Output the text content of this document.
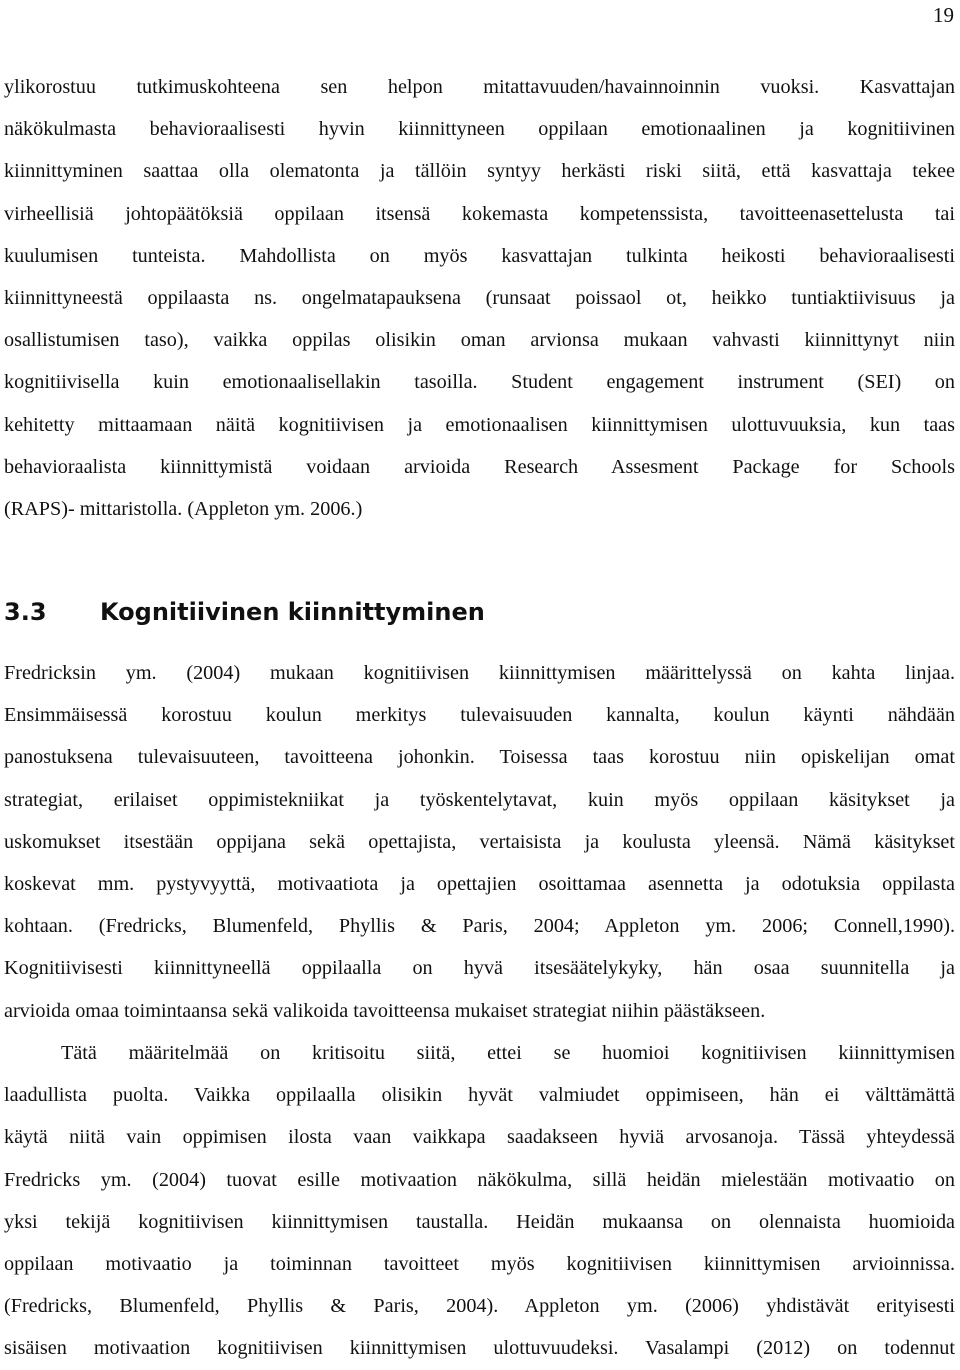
19
ylikorostuu tutkimuskohteena sen helpon mitattavuuden/havainnoinnin vuoksi. Kasvattajan
näkökulmasta behavioraalisesti hyvin kiinnittyneen oppilaan emotionaalinen ja kognitiivinen
kiinnittyminen saattaa olla olematonta ja tällöin syntyy herkästi riski siitä, että kasvattaja tekee
virheellisiä johtopäätöksiä oppilaan itsensä kokemasta kompetenssista, tavoitteenasettelusta tai
kuulumisen tunteista. Mahdollista on myös kasvattajan tulkinta heikosti behavioraalisesti
kiinnittyneestä oppilaasta ns. ongelmatapauksena (runsaat poissaol ot, heikko tuntiaktiivisuus ja
osallistumisen taso), vaikka oppilas olisikin oman arvionsa mukaan vahvasti kiinnittynyt niin
kognitiivisella kuin emotionaalisellakin tasoilla. Student engagement instrument (SEI) on
kehitetty mittaamaan näitä kognitiivisen ja emotionaalisen kiinnittymisen ulottuvuuksia, kun taas
behavioraalista kiinnittymistä voidaan arvioida Research Assesment Package for Schools
(RAPS)- mittaristolla. (Appleton ym. 2006.)
3.3 Kognitiivinen kiinnittyminen
Fredricksin ym. (2004) mukaan kognitiivisen kiinnittymisen määrittelyssä on kahta linjaa.
Ensimmäisessä korostuu koulun merkitys tulevaisuuden kannalta, koulun käynti nähdään
panostuksena tulevaisuuteen, tavoitteena johonkin. Toisessa taas korostuu niin opiskelijan omat
strategiat, erilaiset oppimistekniikat ja työskentelytavat, kuin myös oppilaan käsitykset ja
uskomukset itsestään oppijana sekä opettajista, vertaisista ja koulusta yleensä. Nämä käsitykset
koskevat mm. pystyvyyttä, motivaatiota ja opettajien osoittamaa asennetta ja odotuksia oppilasta
kohtaan. (Fredricks, Blumenfeld, Phyllis & Paris, 2004; Appleton ym. 2006; Connell,1990).
Kognitiivisesti kiinnittyneellä oppilaalla on hyvä itsesäätelykyky, hän osaa suunnitella ja
arvioida omaa toimintaansa sekä valikoida tavoitteensa mukaiset strategiat niihin päästäkseen.
Tätä määritelmää on kritisoitu siitä, ettei se huomioi kognitiivisen kiinnittymisen
laadullista puolta. Vaikka oppilaalla olisikin hyvät valmiudet oppimiseen, hän ei välttämättä
käytä niitä vain oppimisen ilosta vaan vaikkapa saadakseen hyviä arvosanoja. Tässä yhteydessä
Fredricks ym. (2004) tuovat esille motivaation näkökulma, sillä heidän mielestään motivaatio on
yksi tekijä kognitiivisen kiinnittymisen taustalla. Heidän mukaansa on olennaista huomioida
oppilaan motivaatio ja toiminnan tavoitteet myös kognitiivisen kiinnittymisen arvioinnissa.
(Fredricks, Blumenfeld, Phyllis & Paris, 2004). Appleton ym. (2006) yhdistävät erityisesti
sisäisen motivaation kognitiivisen kiinnittymisen ulottuvuudeksi. Vasalampi (2012) on todennut
